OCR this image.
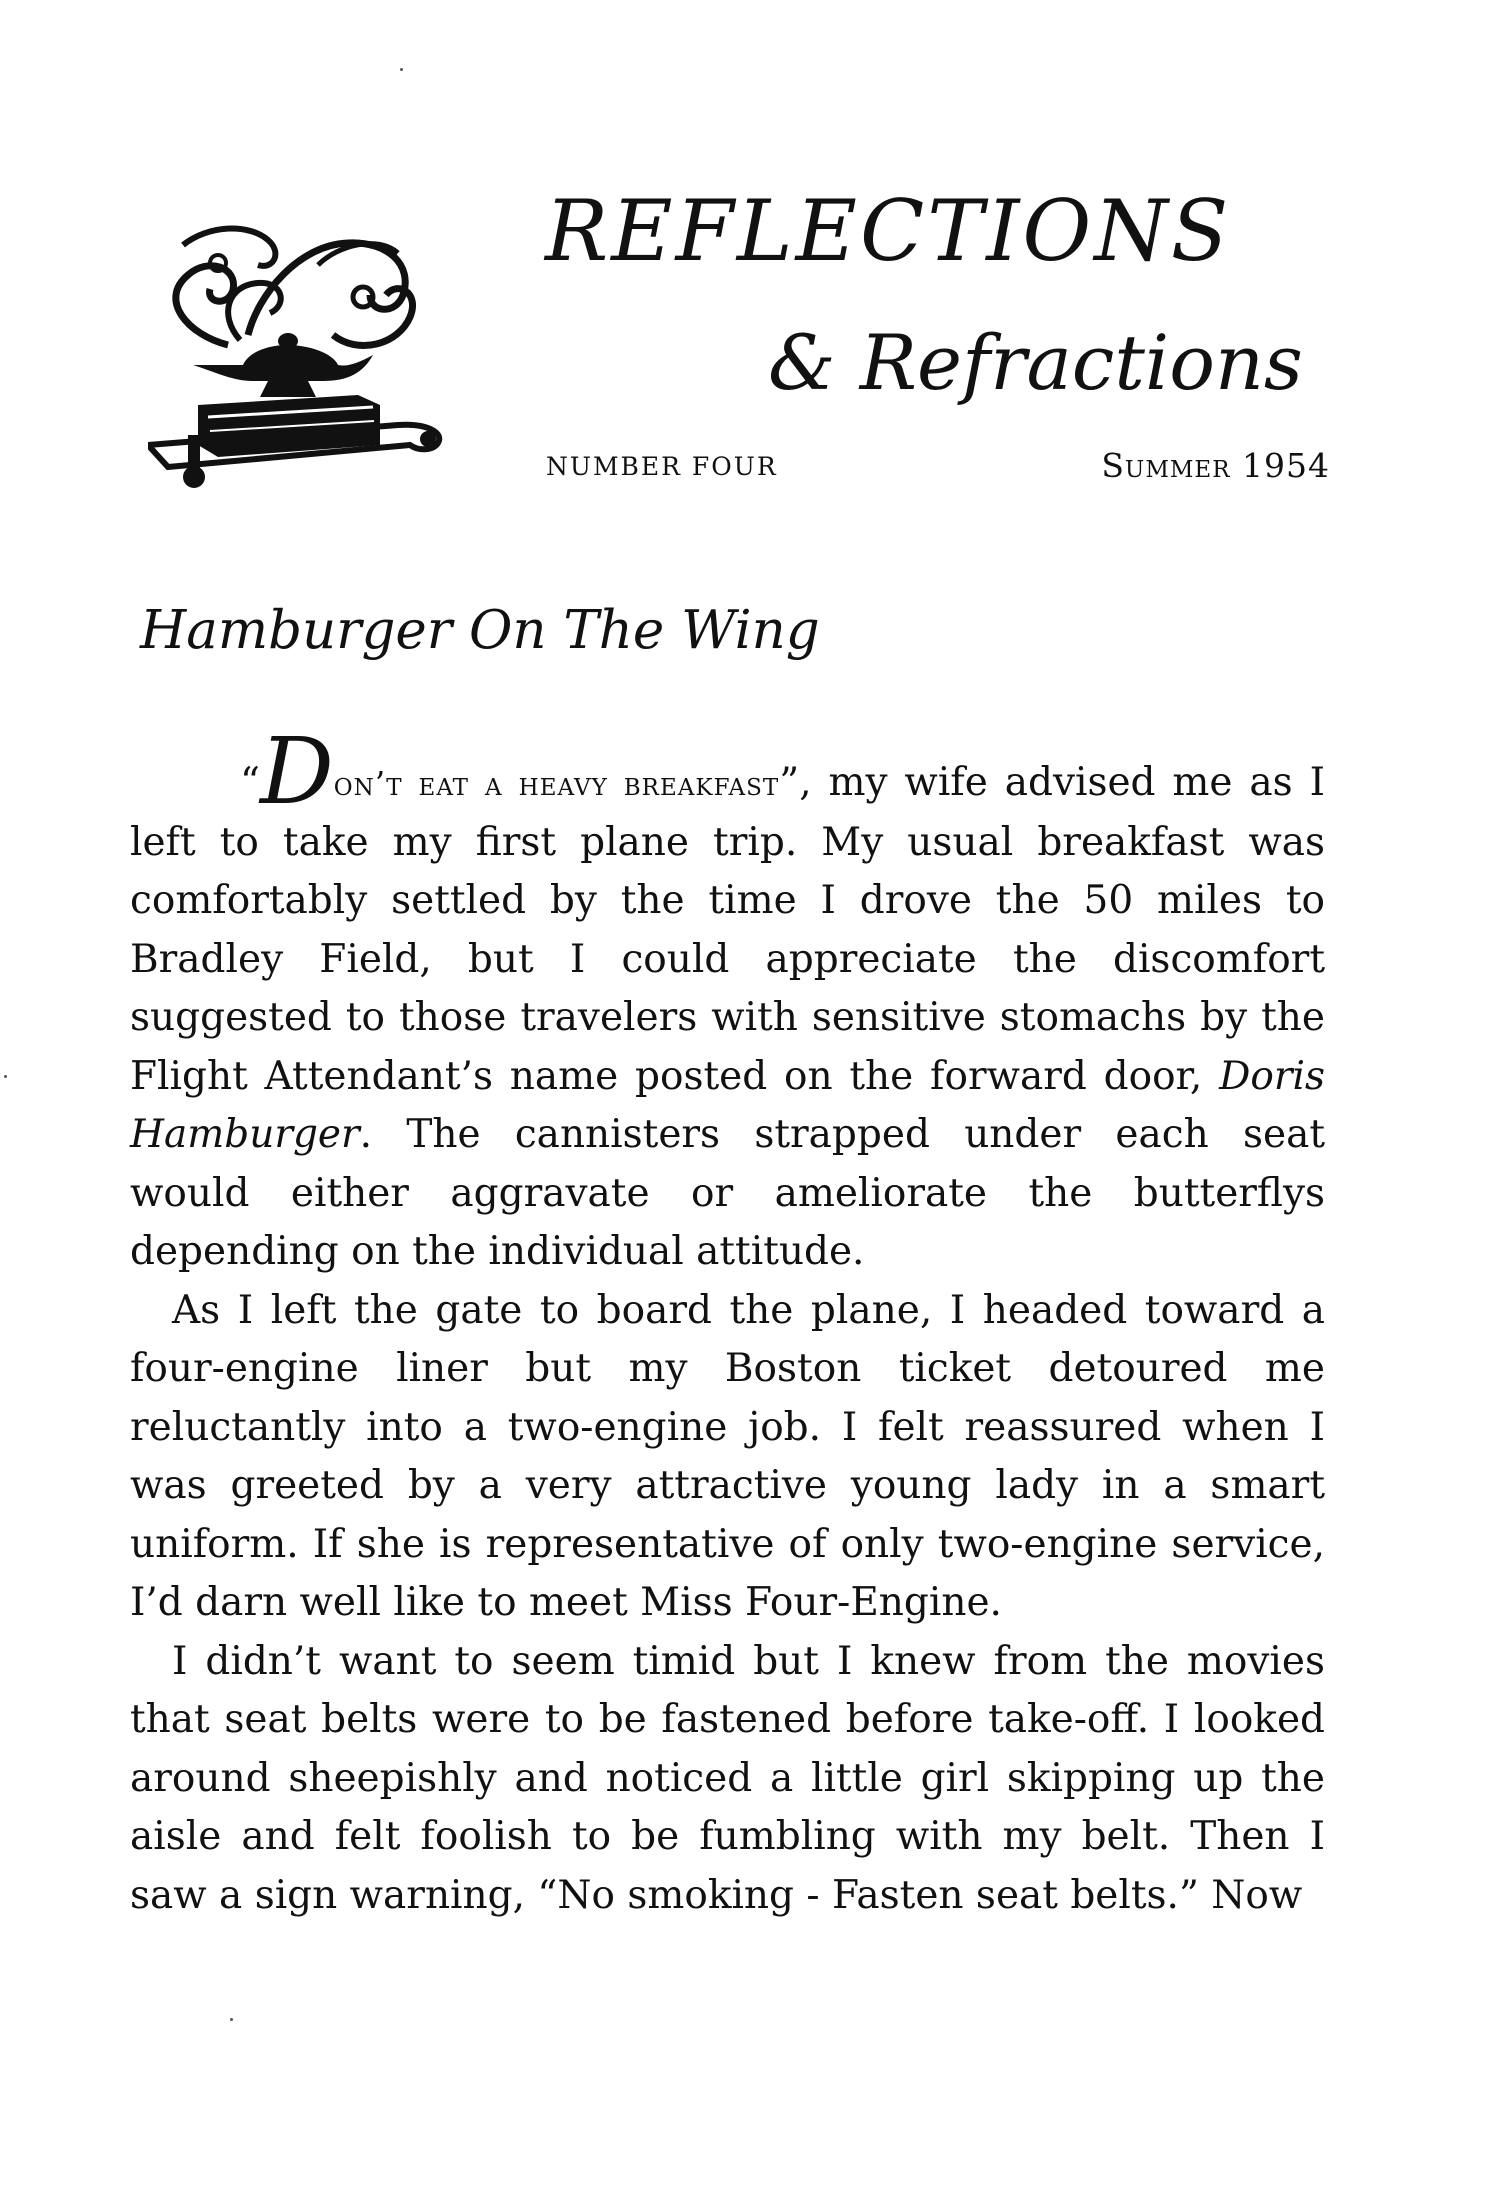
REFLECTIONS
& Refractions
NUMBER FOUR	Summer 1954
Hamburger On The Wing

“Don’t eat a heavy breakfast”, my wife advised me as I left to take my first plane trip. My usual breakfast was comfortably settled by the time I drove the 50 miles to Bradley Field, but I could appreciate the discomfort suggested to those travelers with sensitive stomachs by the Flight Attendant’s name posted on the forward door, Doris Hamburger. The cannisters strapped under each seat would either aggravate or ameliorate the butterflys depending on the individual attitude.

As I left the gate to board the plane, I headed toward a four-engine liner but my Boston ticket detoured me reluctantly into a two-engine job. I felt reassured when I was greeted by a very attractive young lady in a smart uniform. If she is representative of only two-engine service, I’d darn well like to meet Miss Four-Engine.

I didn’t want to seem timid but I knew from the movies that seat belts were to be fastened before take-off. I looked around sheepishly and noticed a little girl skipping up the aisle and felt foolish to be fumbling with my belt. Then I saw a sign warning, “No smoking - Fasten seat belts.” Now
